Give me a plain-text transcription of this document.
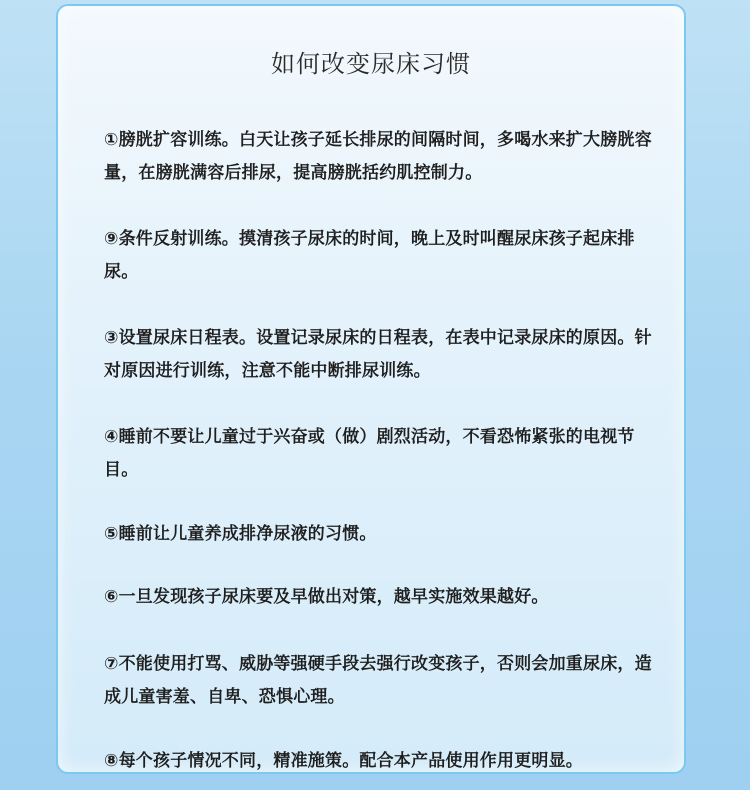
如何改变尿床习惯
①膀胱扩容训练。白天让孩子延长排尿的间隔时间，多喝水来扩大膀胱容量，在膀胱满容后排尿，提高膀胱括约肌控制力。
⑨条件反射训练。摸清孩子尿床的时间，晚上及时叫醒尿床孩子起床排尿。
③设置尿床日程表。设置记录尿床的日程表，在表中记录尿床的原因。针对原因进行训练，注意不能中断排尿训练。
④睡前不要让儿童过于兴奋或（做）剧烈活动，不看恐怖紧张的电视节目。
⑤睡前让儿童养成排净尿液的习惯。
⑥一旦发现孩子尿床要及早做出对策，越早实施效果越好。
⑦不能使用打骂、威胁等强硬手段去强行改变孩子，否则会加重尿床，造成儿童害羞、自卑、恐惧心理。
⑧每个孩子情况不同，精准施策。配合本产品使用作用更明显。
